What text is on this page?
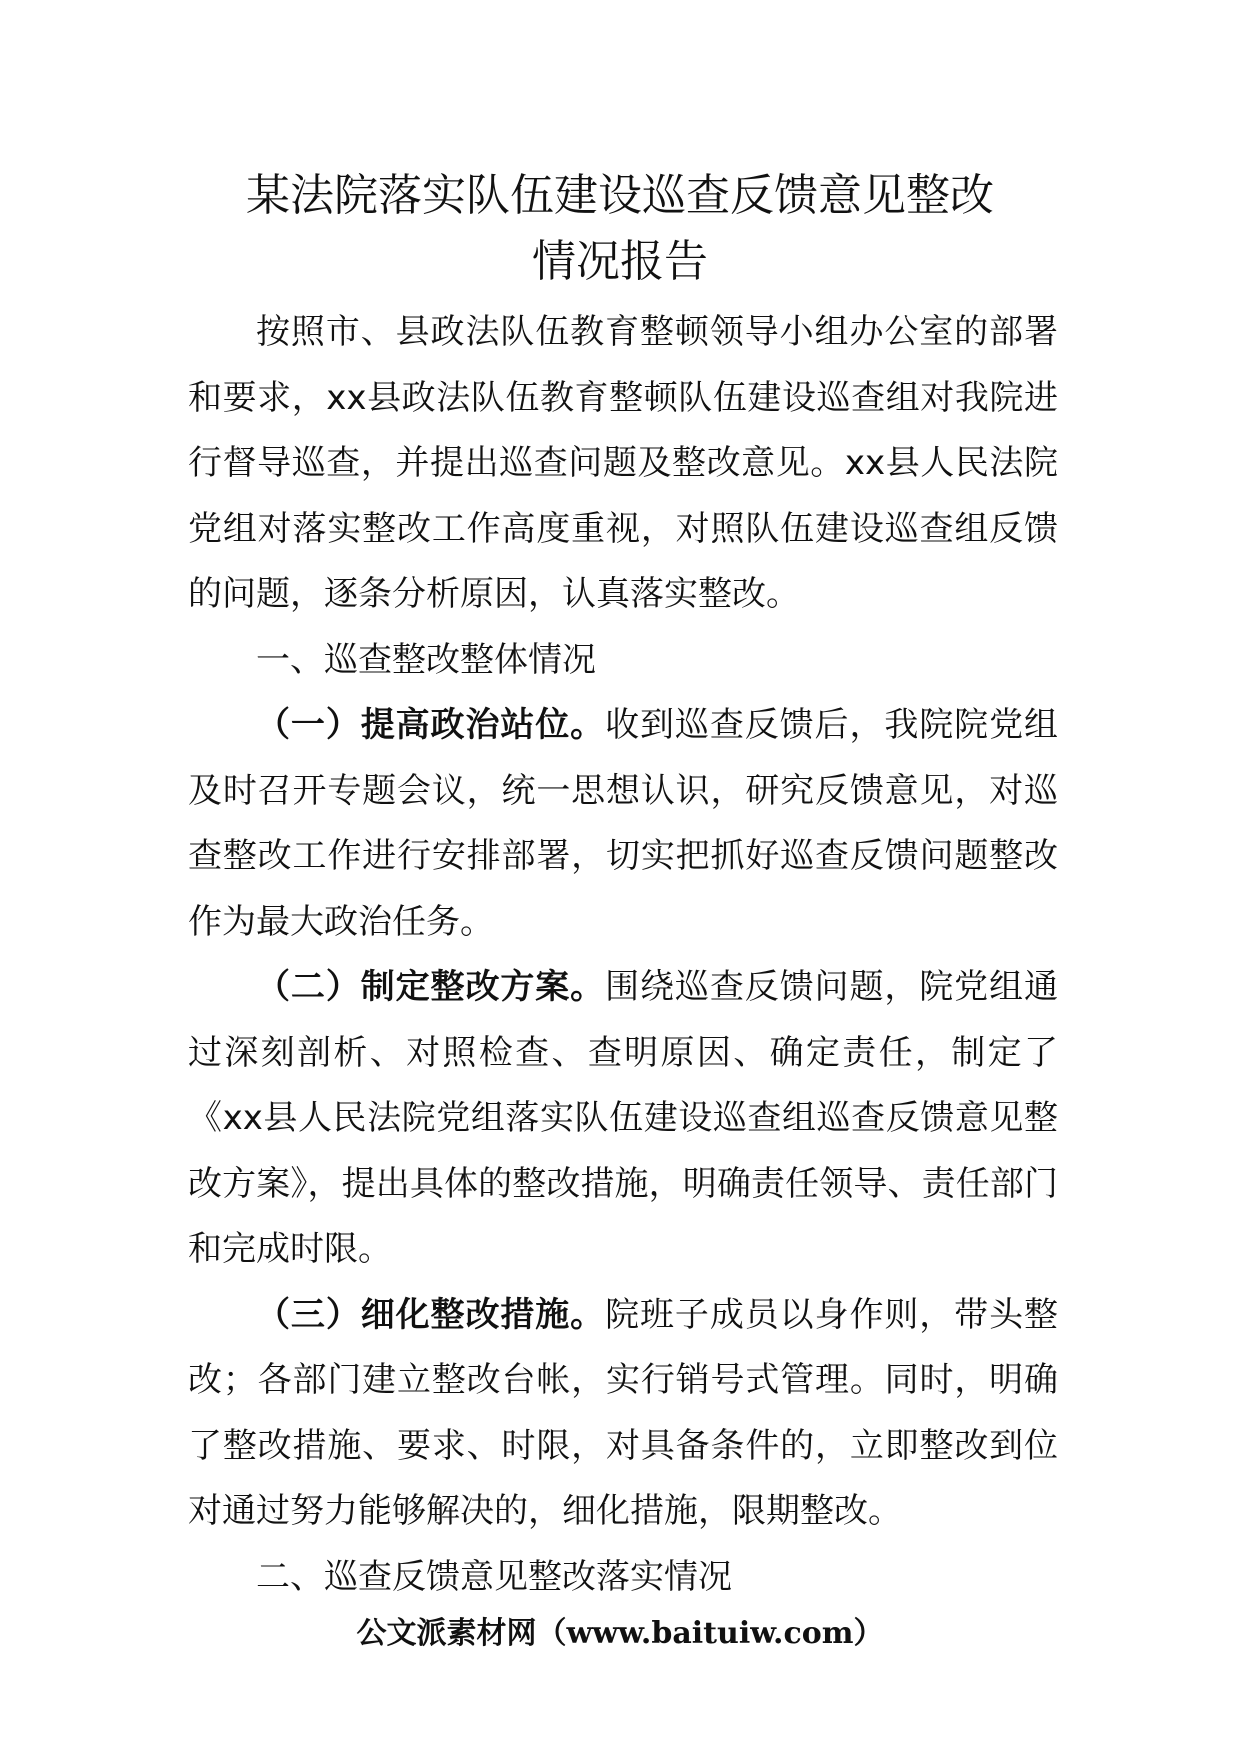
某法院落实队伍建设巡查反馈意见整改
情况报告

按照市、县政法队伍教育整顿领导小组办公室的部署和要求，xx县政法队伍教育整顿队伍建设巡查组对我院进行督导巡查，并提出巡查问题及整改意见。xx县人民法院党组对落实整改工作高度重视，对照队伍建设巡查组反馈的问题，逐条分析原因，认真落实整改。

一、巡查整改整体情况

（一）提高政治站位。收到巡查反馈后，我院院党组及时召开专题会议，统一思想认识，研究反馈意见，对巡查整改工作进行安排部署，切实把抓好巡查反馈问题整改作为最大政治任务。

（二）制定整改方案。围绕巡查反馈问题，院党组通过深刻剖析、对照检查、查明原因、确定责任，制定了《xx县人民法院党组落实队伍建设巡查组巡查反馈意见整改方案》，提出具体的整改措施，明确责任领导、责任部门和完成时限。

（三）细化整改措施。院班子成员以身作则，带头整改；各部门建立整改台帐，实行销号式管理。同时，明确了整改措施、要求、时限，对具备条件的，立即整改到位对通过努力能够解决的，细化措施，限期整改。

二、巡查反馈意见整改落实情况

公文派素材网（www.baituiw.com）
